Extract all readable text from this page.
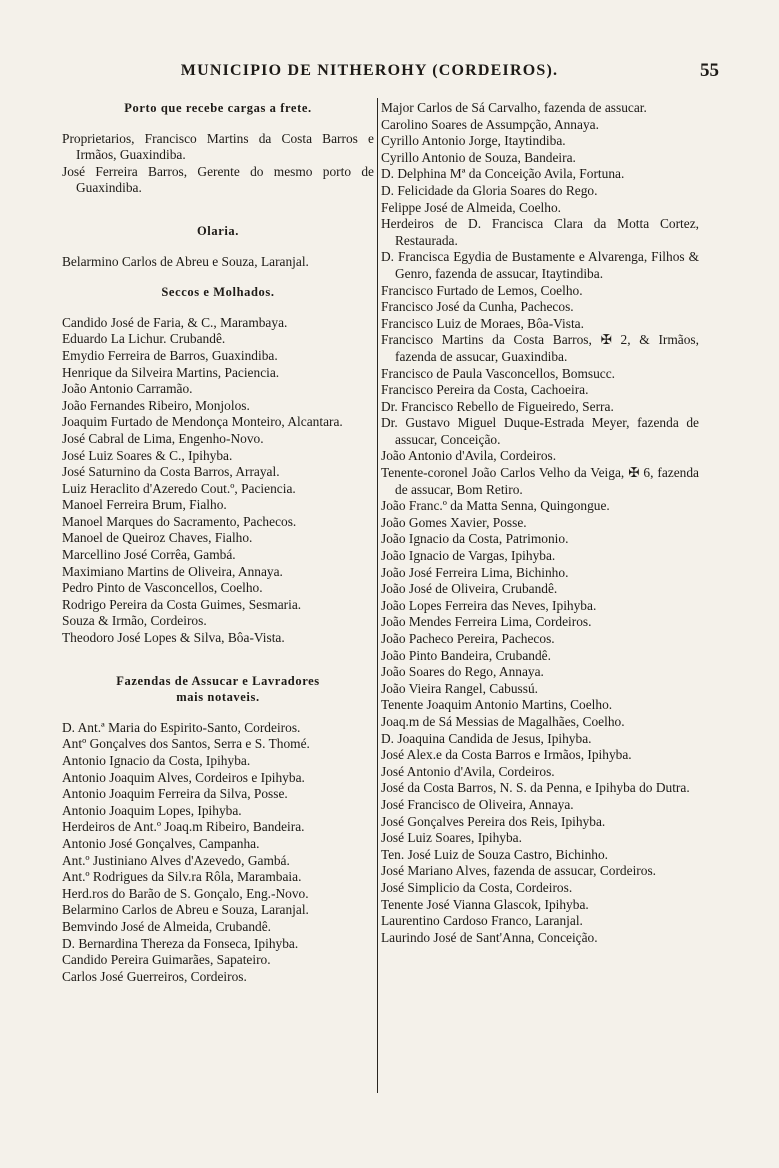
MUNICIPIO DE NITHEROHY (CORDEIROS).	55
Porto que recebe cargas a frete.
Proprietarios, Francisco Martins da Costa Barros e Irmãos, Guaxindiba.
José Ferreira Barros, Gerente do mesmo porto de Guaxindiba.
Olaria.
Belarmino Carlos de Abreu e Souza, Laranjal.
Seccos e Molhados.
Candido José de Faria, & C., Marambaya.
Eduardo La Lichur. Crubandê.
Emydio Ferreira de Barros, Guaxindiba.
Henrique da Silveira Martins, Paciencia.
João Antonio Carramão.
João Fernandes Ribeiro, Monjolos.
Joaquim Furtado de Mendonça Monteiro, Alcantara.
José Cabral de Lima, Engenho-Novo.
José Luiz Soares & C., Ipihyba.
José Saturnino da Costa Barros, Arrayal.
Luiz Heraclito d'Azeredo Cout.º, Paciencia.
Manoel Ferreira Brum, Fialho.
Manoel Marques do Sacramento, Pachecos.
Manoel de Queiroz Chaves, Fialho.
Marcellino José Corrêa, Gambá.
Maximiano Martins de Oliveira, Annaya.
Pedro Pinto de Vasconcellos, Coelho.
Rodrigo Pereira da Costa Guimes, Sesmaria.
Souza & Irmão, Cordeiros.
Theodoro José Lopes & Silva, Bôa-Vista.
Fazendas de Assucar e Lavradores
mais notaveis.
D. Ant.ª Maria do Espirito-Santo, Cordeiros.
Antº Gonçalves dos Santos, Serra e S. Thomé.
Antonio Ignacio da Costa, Ipihyba.
Antonio Joaquim Alves, Cordeiros e Ipihyba.
Antonio Joaquim Ferreira da Silva, Posse.
Antonio Joaquim Lopes, Ipihyba.
Herdeiros de Ant.º Joaq.m Ribeiro, Bandeira.
Antonio José Gonçalves, Campanha.
Ant.º Justiniano Alves d'Azevedo, Gambá.
Ant.º Rodrigues da Silv.ra Rôla, Marambaia.
Herd.ros do Barão de S. Gonçalo, Eng.-Novo.
Belarmino Carlos de Abreu e Souza, Laranjal.
Bemvindo José de Almeida, Crubandê.
D. Bernardina Thereza da Fonseca, Ipihyba.
Candido Pereira Guimarães, Sapateiro.
Carlos José Guerreiros, Cordeiros.
Major Carlos de Sá Carvalho, fazenda de assucar.
Carolino Soares de Assumpção, Annaya.
Cyrillo Antonio Jorge, Itaytindiba.
Cyrillo Antonio de Souza, Bandeira.
D. Delphina Mª da Conceição Avila, Fortuna.
D. Felicidade da Gloria Soares do Rego.
Felippe José de Almeida, Coelho.
Herdeiros de D. Francisca Clara da Motta Cortez, Restaurada.
D. Francisca Egydia de Bustamente e Alvarenga, Filhos & Genro, fazenda de assucar, Itaytindiba.
Francisco Furtado de Lemos, Coelho.
Francisco José da Cunha, Pachecos.
Francisco Luiz de Moraes, Bôa-Vista.
Francisco Martins da Costa Barros, ✠ 2, & Irmãos, fazenda de assucar, Guaxindiba.
Francisco de Paula Vasconcellos, Bomsucc.
Francisco Pereira da Costa, Cachoeira.
Dr. Francisco Rebello de Figueiredo, Serra.
Dr. Gustavo Miguel Duque-Estrada Meyer, fazenda de assucar, Conceição.
João Antonio d'Avila, Cordeiros.
Tenente-coronel João Carlos Velho da Veiga, ✠ 6, fazenda de assucar, Bom Retiro.
João Franc.º da Matta Senna, Quingongue.
João Gomes Xavier, Posse.
João Ignacio da Costa, Patrimonio.
João Ignacio de Vargas, Ipihyba.
João José Ferreira Lima, Bichinho.
João José de Oliveira, Crubandê.
João Lopes Ferreira das Neves, Ipihyba.
João Mendes Ferreira Lima, Cordeiros.
João Pacheco Pereira, Pachecos.
João Pinto Bandeira, Crubandê.
João Soares do Rego, Annaya.
João Vieira Rangel, Cabussú.
Tenente Joaquim Antonio Martins, Coelho.
Joaq.m de Sá Messias de Magalhães, Coelho.
D. Joaquina Candida de Jesus, Ipihyba.
José Alex.e da Costa Barros e Irmãos, Ipihyba.
José Antonio d'Avila, Cordeiros.
José da Costa Barros, N. S. da Penna, e Ipihyba do Dutra.
José Francisco de Oliveira, Annaya.
José Gonçalves Pereira dos Reis, Ipihyba.
José Luiz Soares, Ipihyba.
Ten. José Luiz de Souza Castro, Bichinho.
José Mariano Alves, fazenda de assucar, Cordeiros.
José Simplicio da Costa, Cordeiros.
Tenente José Vianna Glascok, Ipihyba.
Laurentino Cardoso Franco, Laranjal.
Laurindo José de Sant'Anna, Conceição.
